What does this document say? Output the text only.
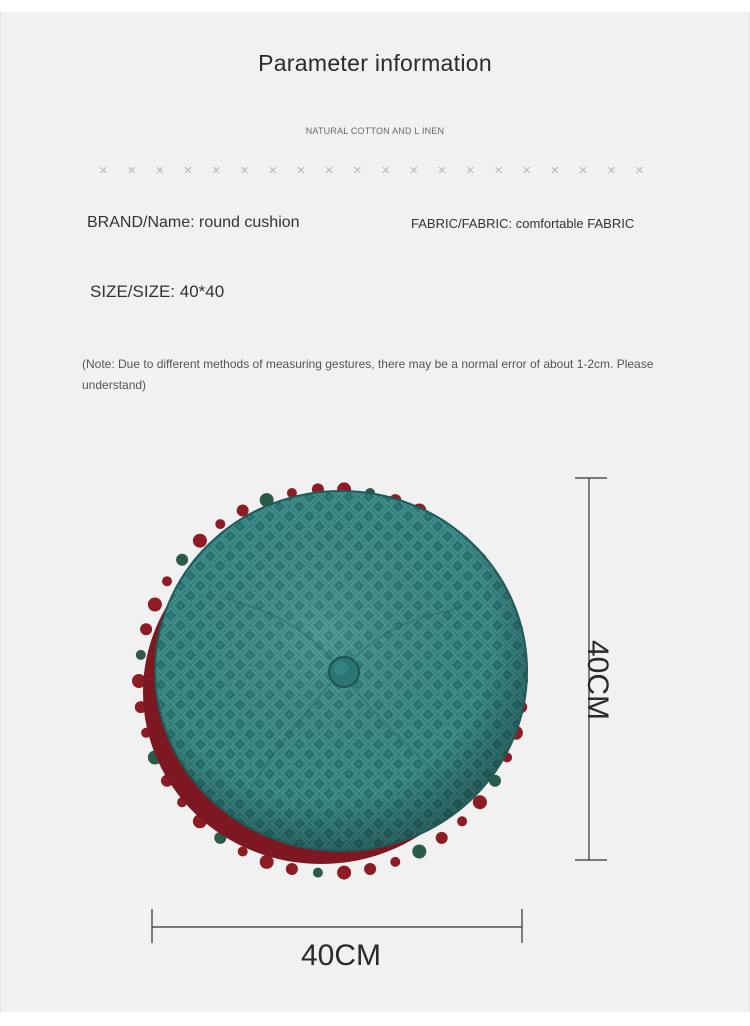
Parameter information
NATURAL COTTON AND L INEN
× × × × × × × × × × × × × × × × × × × ×
BRAND/Name: round cushion	FABRIC/FABRIC: comfortable FABRIC
SIZE/SIZE: 40*40
(Note: Due to different methods of measuring gestures, there may be a normal error of about 1-2cm. Please understand)
40CM
40CM
